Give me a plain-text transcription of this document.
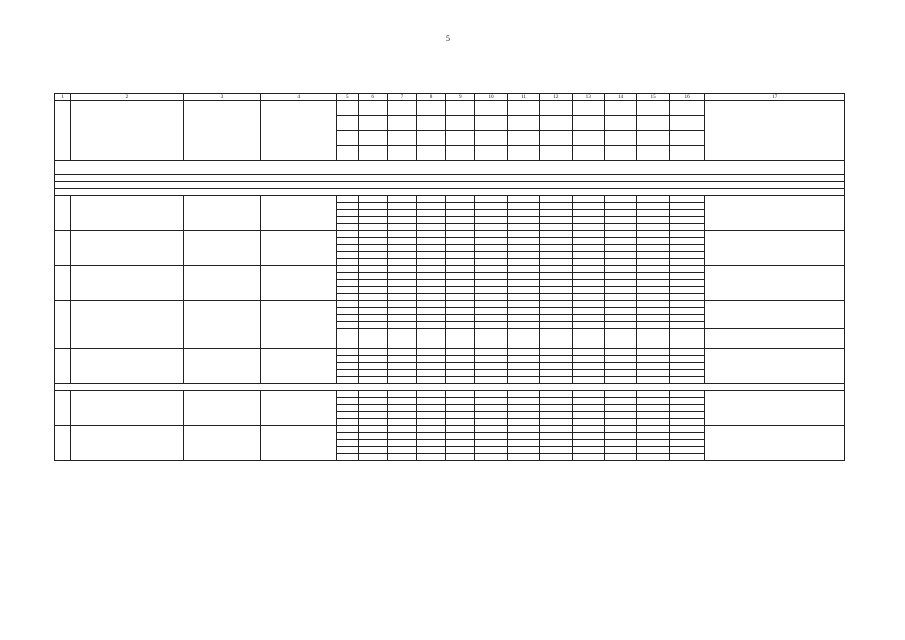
5
1	2	3	4	5	6	7	8	9	10	11	12	13	14	15	16	17
